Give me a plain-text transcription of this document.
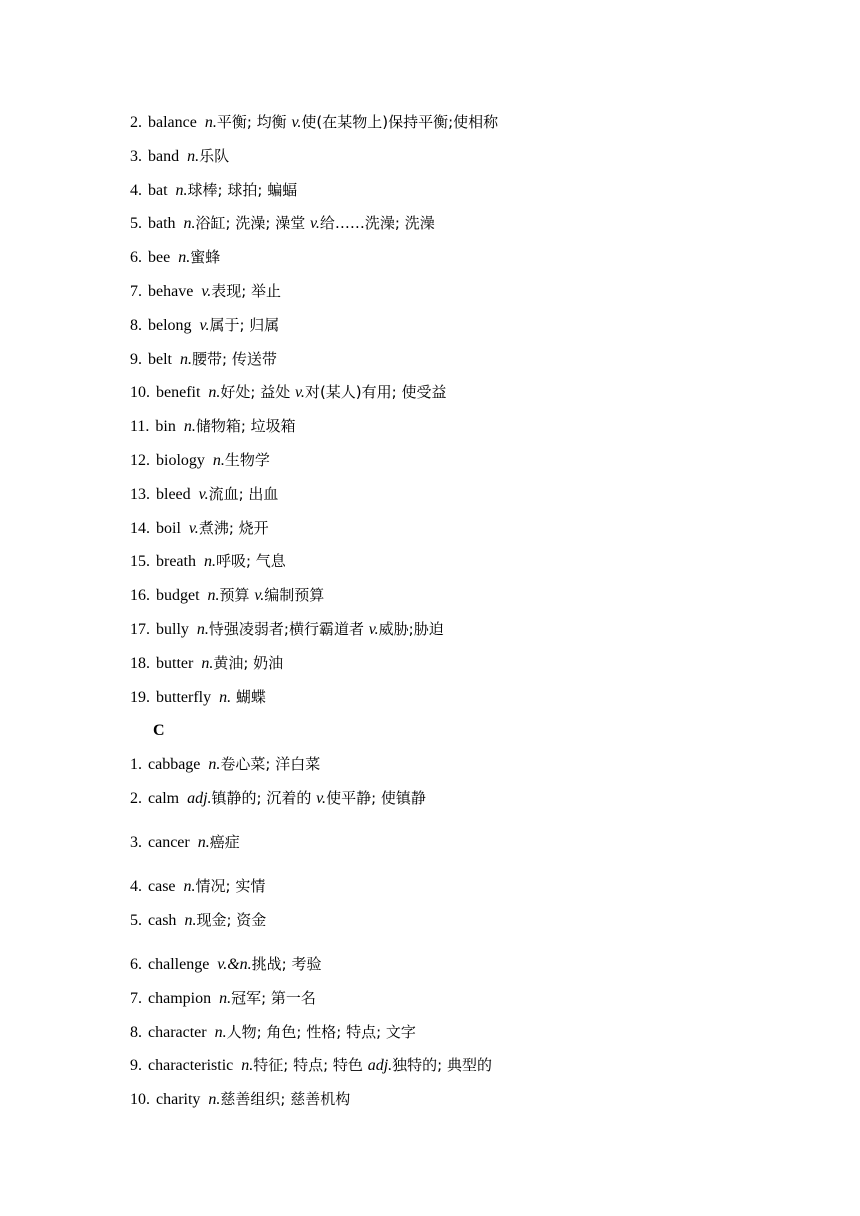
2. balance n.平衡; 均衡 v.使(在某物上)保持平衡;使相称
3. band n.乐队
4. bat n.球棒; 球拍; 蝙蝠
5. bath n.浴缸; 洗澡; 澡堂 v.给……洗澡; 洗澡
6. bee n.蜜蜂
7. behave v.表现; 举止
8. belong v.属于; 归属
9. belt n.腰带; 传送带
10. benefit n.好处; 益处 v.对(某人)有用; 使受益
11. bin n.储物箱; 垃圾箱
12. biology n.生物学
13. bleed v.流血; 出血
14. boil v.煮沸; 烧开
15. breath n.呼吸; 气息
16. budget n.预算 v.编制预算
17. bully n.恃强凌弱者;横行霸道者 v.威胁;胁迫
18. butter n.黄油; 奶油
19. butterfly n. 蝴蝶
C
1. cabbage n.卷心菜; 洋白菜
2. calm adj.镇静的; 沉着的 v.使平静; 使镇静
3. cancer n.癌症
4. case n.情况; 实情
5. cash n.现金; 资金
6. challenge v.&n.挑战; 考验
7. champion n.冠军; 第一名
8. character n.人物; 角色; 性格; 特点; 文字
9. characteristic n.特征; 特点; 特色 adj.独特的; 典型的
10. charity n.慈善组织; 慈善机构
